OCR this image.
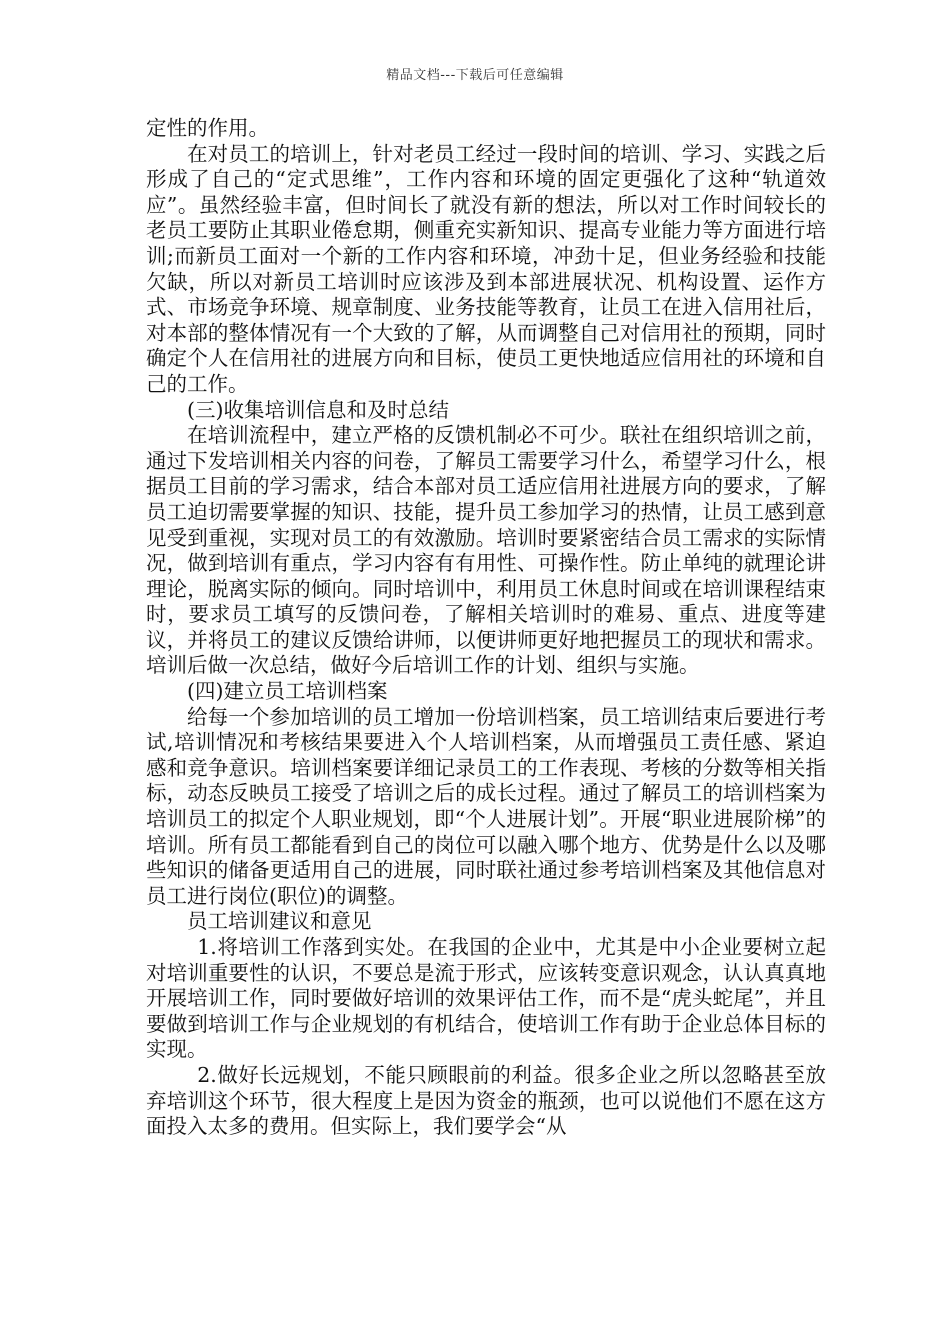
精品文档---下载后可任意编辑

定性的作用。

在对员工的培训上，针对老员工经过一段时间的培训、学习、实践之后形成了自己的“定式思维”，工作内容和环境的固定更强化了这种“轨道效应”。虽然经验丰富，但时间长了就没有新的想法，所以对工作时间较长的老员工要防止其职业倦怠期，侧重充实新知识、提高专业能力等方面进行培训;而新员工面对一个新的工作内容和环境，冲劲十足，但业务经验和技能欠缺，所以对新员工培训时应该涉及到本部进展状况、机构设置、运作方式、市场竞争环境、规章制度、业务技能等教育，让员工在进入信用社后，对本部的整体情况有一个大致的了解，从而调整自己对信用社的预期，同时确定个人在信用社的进展方向和目标，使员工更快地适应信用社的环境和自己的工作。

(三)收集培训信息和及时总结

在培训流程中，建立严格的反馈机制必不可少。联社在组织培训之前，通过下发培训相关内容的问卷，了解员工需要学习什么，希望学习什么，根据员工目前的学习需求，结合本部对员工适应信用社进展方向的要求，了解员工迫切需要掌握的知识、技能，提升员工参加学习的热情，让员工感到意见受到重视，实现对员工的有效激励。培训时要紧密结合员工需求的实际情况，做到培训有重点，学习内容有有用性、可操作性。防止单纯的就理论讲理论，脱离实际的倾向。同时培训中，利用员工休息时间或在培训课程结束时，要求员工填写的反馈问卷，了解相关培训时的难易、重点、进度等建议，并将员工的建议反馈给讲师，以便讲师更好地把握员工的现状和需求。培训后做一次总结，做好今后培训工作的计划、组织与实施。

(四)建立员工培训档案

给每一个参加培训的员工增加一份培训档案，员工培训结束后要进行考试,培训情况和考核结果要进入个人培训档案，从而增强员工责任感、紧迫感和竞争意识。培训档案要详细记录员工的工作表现、考核的分数等相关指标，动态反映员工接受了培训之后的成长过程。通过了解员工的培训档案为培训员工的拟定个人职业规划，即“个人进展计划”。开展“职业进展阶梯”的培训。所有员工都能看到自己的岗位可以融入哪个地方、优势是什么以及哪些知识的储备更适用自己的进展，同时联社通过参考培训档案及其他信息对员工进行岗位(职位)的调整。

员工培训建议和意见

1.将培训工作落到实处。在我国的企业中，尤其是中小企业要树立起对培训重要性的认识，不要总是流于形式，应该转变意识观念，认认真真地开展培训工作，同时要做好培训的效果评估工作，而不是“虎头蛇尾”，并且要做到培训工作与企业规划的有机结合，使培训工作有助于企业总体目标的实现。

2.做好长远规划，不能只顾眼前的利益。很多企业之所以忽略甚至放弃培训这个环节，很大程度上是因为资金的瓶颈，也可以说他们不愿在这方面投入太多的费用。但实际上，我们要学会“从
